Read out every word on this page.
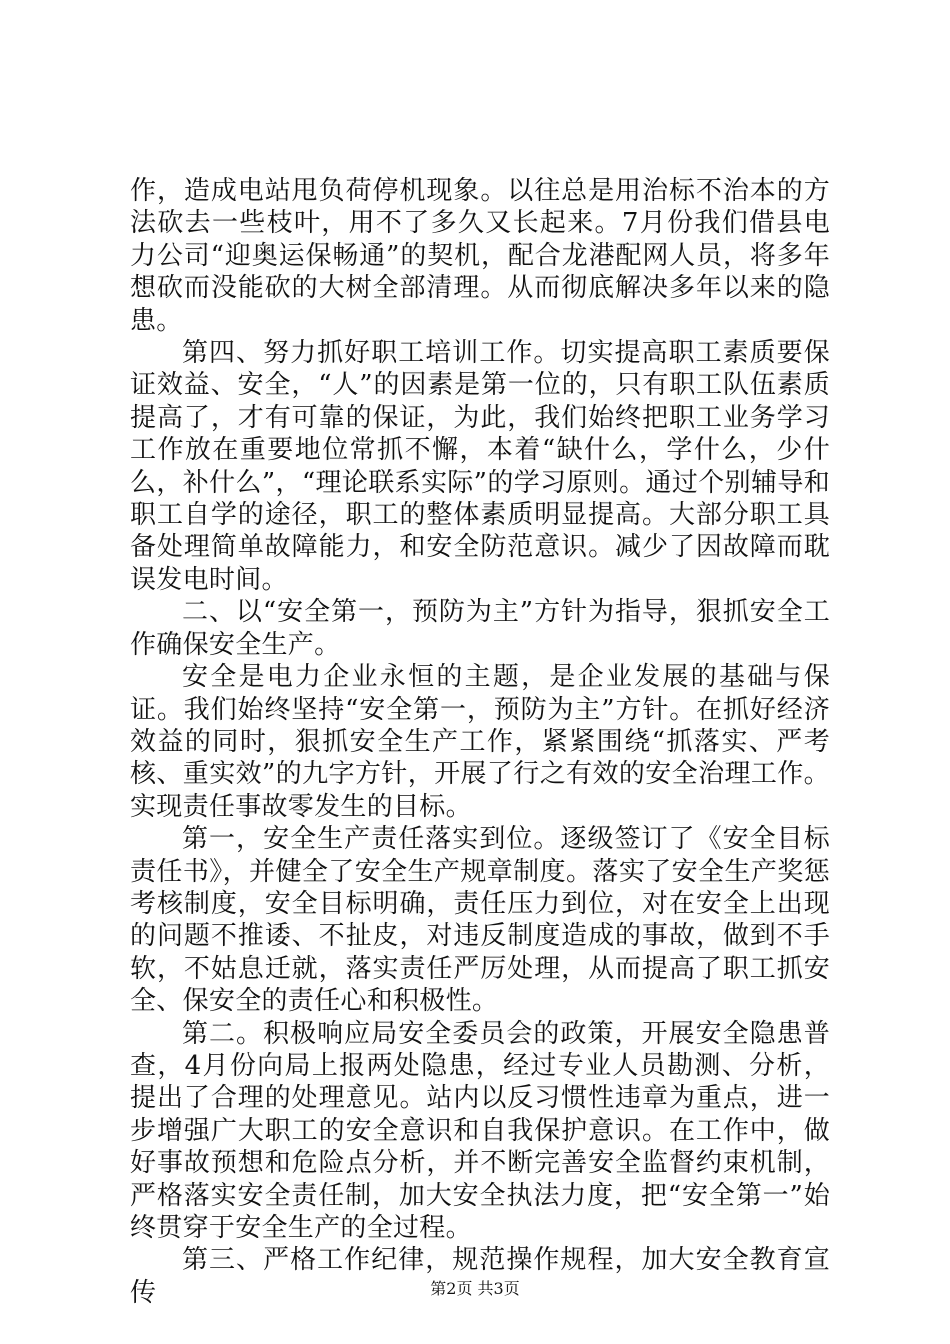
作，造成电站甩负荷停机现象。以往总是用治标不治本的方法砍去一些枝叶，用不了多久又长起来。7月份我们借县电力公司“迎奥运保畅通”的契机，配合龙港配网人员，将多年想砍而没能砍的大树全部清理。从而彻底解决多年以来的隐患。

第四、努力抓好职工培训工作。切实提高职工素质要保证效益、安全，“人”的因素是第一位的，只有职工队伍素质提高了，才有可靠的保证，为此，我们始终把职工业务学习工作放在重要地位常抓不懈，本着“缺什么，学什么，少什么，补什么”，“理论联系实际”的学习原则。通过个别辅导和职工自学的途径，职工的整体素质明显提高。大部分职工具备处理简单故障能力，和安全防范意识。减少了因故障而耽误发电时间。

二、以“安全第一，预防为主”方针为指导，狠抓安全工作确保安全生产。

安全是电力企业永恒的主题，是企业发展的基础与保证。我们始终坚持“安全第一，预防为主”方针。在抓好经济效益的同时，狠抓安全生产工作，紧紧围绕“抓落实、严考核、重实效”的九字方针，开展了行之有效的安全治理工作。实现责任事故零发生的目标。

第一，安全生产责任落实到位。逐级签订了《安全目标责任书》，并健全了安全生产规章制度。落实了安全生产奖惩考核制度，安全目标明确，责任压力到位，对在安全上出现的问题不推诿、不扯皮，对违反制度造成的事故，做到不手软，不姑息迁就，落实责任严厉处理，从而提高了职工抓安全、保安全的责任心和积极性。

第二。积极响应局安全委员会的政策，开展安全隐患普查，4月份向局上报两处隐患，经过专业人员勘测、分析，提出了合理的处理意见。站内以反习惯性违章为重点，进一步增强广大职工的安全意识和自我保护意识。在工作中，做好事故预想和危险点分析，并不断完善安全监督约束机制，严格落实安全责任制，加大安全执法力度，把“安全第一”始终贯穿于安全生产的全过程。

第三、严格工作纪律，规范操作规程，加大安全教育宣传	第2页 共3页
